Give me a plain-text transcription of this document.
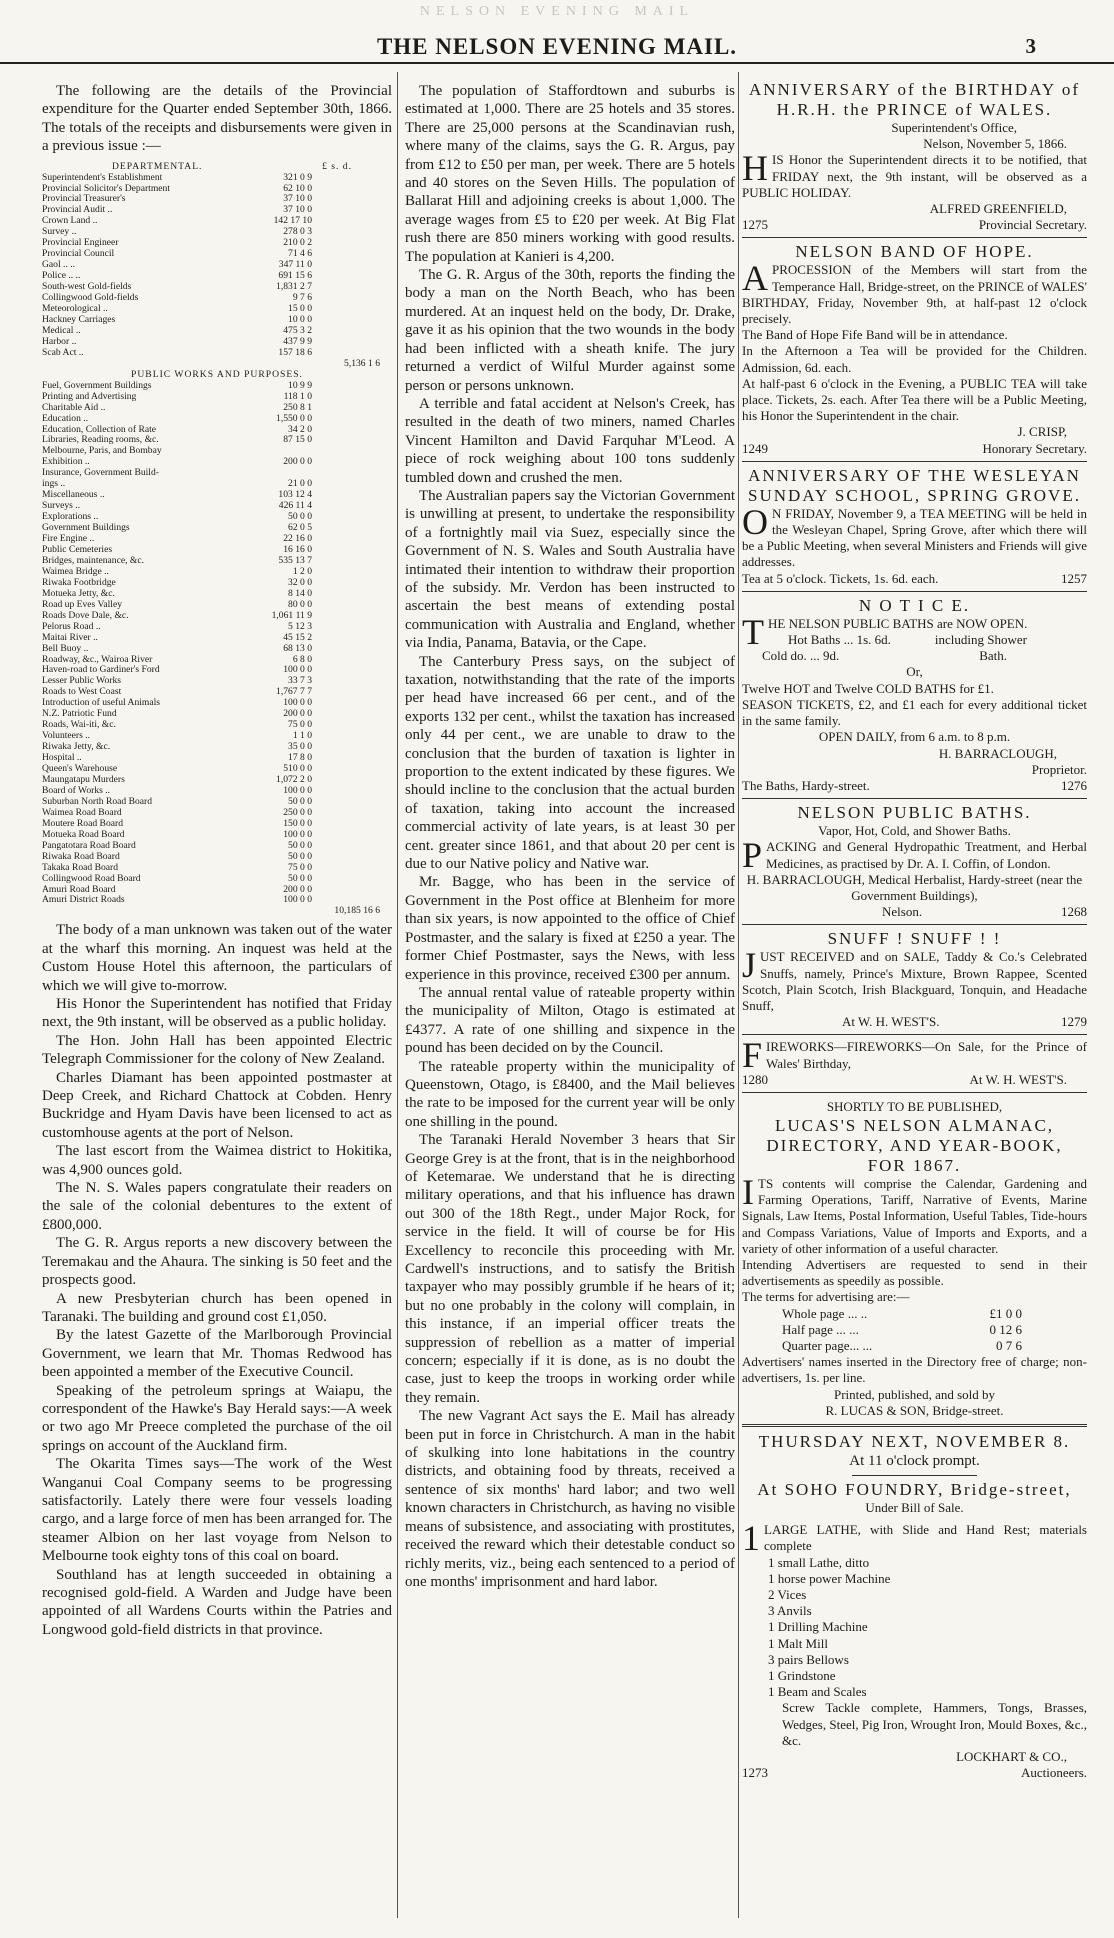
NELSON EVENING MAIL
THE NELSON EVENING MAIL.	3

The following are the details of the Provincial expenditure for the Quarter ended September 30th, 1866. The totals of the receipts and disbursements were given in a previous issue :—

DEPARTMENTAL.	£ s. d.
Superintendent's Establishment	321 0 9
Provincial Solicitor's Department	62 10 0
Provincial Treasurer's	37 10 0
Provincial Audit ..	37 10 0
Crown Land ..	142 17 10
Survey ..	278 0 3
Provincial Engineer	210 0 2
Provincial Council	71 4 6
Gaol .. ..	347 11 0
Police .. ..	691 15 6
South-west Gold-fields	1,831 2 7
Collingwood Gold-fields	9 7 6
Meteorological ..	15 0 0
Hackney Carriages	10 0 0
Medical ..	475 3 2
Harbor ..	437 9 9
Scab Act ..	157 18 6
5,136 1 6
PUBLIC WORKS AND PURPOSES.
Fuel, Government Buildings	10 9 9
Printing and Advertising	118 1 0
Charitable Aid ..	250 8 1
Education ..	1,550 0 0
Education, Collection of Rate	34 2 0
Libraries, Reading rooms, &c.	87 15 0
Melbourne, Paris, and Bombay
Exhibition ..	200 0 0
Insurance, Government Build-
ings ..	21 0 0
Miscellaneous ..	103 12 4
Surveys ..	426 11 4
Explorations ..	50 0 0
Government Buildings	62 0 5
Fire Engine ..	22 16 0
Public Cemeteries	16 16 0
Bridges, maintenance, &c.	535 13 7
Waimea Bridge ..	1 2 0
Riwaka Footbridge	32 0 0
Motueka Jetty, &c.	8 14 0
Road up Eves Valley	80 0 0
Roads Dove Dale, &c.	1,061 11 9
Pelorus Road ..	5 12 3
Maitai River ..	45 15 2
Bell Buoy ..	68 13 0
Roadway, &c., Wairoa River	6 8 0
Haven-road to Gardiner's Ford	100 0 0
Lesser Public Works	33 7 3
Roads to West Coast	1,767 7 7
Introduction of useful Animals	100 0 0
N.Z. Patriotic Fund	200 0 0
Roads, Wai-iti, &c.	75 0 0
Volunteers ..	1 1 0
Riwaka Jetty, &c.	35 0 0
Hospital ..	17 8 0
Queen's Warehouse	510 0 0
Maungatapu Murders	1,072 2 0
Board of Works ..	100 0 0
Suburban North Road Board	50 0 0
Waimea Road Board	250 0 0
Moutere Road Board	150 0 0
Motueka Road Board	100 0 0
Pangatotara Road Board	50 0 0
Riwaka Road Board	50 0 0
Takaka Road Board	75 0 0
Collingwood Road Board	50 0 0
Amuri Road Board	200 0 0
Amuri District Roads	100 0 0
10,185 16 6

The body of a man unknown was taken out of the water at the wharf this morning. An inquest was held at the Custom House Hotel this afternoon, the particulars of which we will give to-morrow.

His Honor the Superintendent has notified that Friday next, the 9th instant, will be observed as a public holiday.

The Hon. John Hall has been appointed Electric Telegraph Commissioner for the colony of New Zealand.

Charles Diamant has been appointed postmaster at Deep Creek, and Richard Chattock at Cobden. Henry Buckridge and Hyam Davis have been licensed to act as customhouse agents at the port of Nelson.

The last escort from the Waimea district to Hokitika, was 4,900 ounces gold.

The N. S. Wales papers congratulate their readers on the sale of the colonial debentures to the extent of £800,000.

The G. R. Argus reports a new discovery between the Teremakau and the Ahaura. The sinking is 50 feet and the prospects good.

A new Presbyterian church has been opened in Taranaki. The building and ground cost £1,050.

By the latest Gazette of the Marlborough Provincial Government, we learn that Mr. Thomas Redwood has been appointed a member of the Executive Council.

Speaking of the petroleum springs at Waiapu, the correspondent of the Hawke's Bay Herald says:—A week or two ago Mr Preece completed the purchase of the oil springs on account of the Auckland firm.

The Okarita Times says—The work of the West Wanganui Coal Company seems to be progressing satisfactorily. Lately there were four vessels loading cargo, and a large force of men has been arranged for. The steamer Albion on her last voyage from Nelson to Melbourne took eighty tons of this coal on board.

Southland has at length succeeded in obtaining a recognised gold-field. A Warden and Judge have been appointed of all Wardens Courts within the Patries and Longwood gold-field districts in that province.

The population of Staffordtown and suburbs is estimated at 1,000. There are 25 hotels and 35 stores. There are 25,000 persons at the Scandinavian rush, where many of the claims, says the G. R. Argus, pay from £12 to £50 per man, per week. There are 5 hotels and 40 stores on the Seven Hills. The population of Ballarat Hill and adjoining creeks is about 1,000. The average wages from £5 to £20 per week. At Big Flat rush there are 850 miners working with good results. The population at Kanieri is 4,200.

The G. R. Argus of the 30th, reports the finding the body a man on the North Beach, who has been murdered. At an inquest held on the body, Dr. Drake, gave it as his opinion that the two wounds in the body had been inflicted with a sheath knife. The jury returned a verdict of Wilful Murder against some person or persons unknown.

A terrible and fatal accident at Nelson's Creek, has resulted in the death of two miners, named Charles Vincent Hamilton and David Farquhar M'Leod. A piece of rock weighing about 100 tons suddenly tumbled down and crushed the men.

The Australian papers say the Victorian Government is unwilling at present, to undertake the responsibility of a fortnightly mail via Suez, especially since the Government of N. S. Wales and South Australia have intimated their intention to withdraw their proportion of the subsidy. Mr. Verdon has been instructed to ascertain the best means of extending postal communication with Australia and England, whether via India, Panama, Batavia, or the Cape.

The Canterbury Press says, on the subject of taxation, notwithstanding that the rate of the imports per head have increased 66 per cent., and of the exports 132 per cent., whilst the taxation has increased only 44 per cent., we are unable to draw to the conclusion that the burden of taxation is lighter in proportion to the extent indicated by these figures. We should incline to the conclusion that the actual burden of taxation, taking into account the increased commercial activity of late years, is at least 30 per cent. greater since 1861, and that about 20 per cent is due to our Native policy and Native war.

Mr. Bagge, who has been in the service of Government in the Post office at Blenheim for more than six years, is now appointed to the office of Chief Postmaster, and the salary is fixed at £250 a year. The former Chief Postmaster, says the News, with less experience in this province, received £300 per annum.

The annual rental value of rateable property within the municipality of Milton, Otago is estimated at £4377. A rate of one shilling and sixpence in the pound has been decided on by the Council.

The rateable property within the municipality of Queenstown, Otago, is £8400, and the Mail believes the rate to be imposed for the current year will be only one shilling in the pound.

The Taranaki Herald November 3 hears that Sir George Grey is at the front, that is in the neighborhood of Ketemarae. We understand that he is directing military operations, and that his influence has drawn out 300 of the 18th Regt., under Major Rock, for service in the field. It will of course be for His Excellency to reconcile this proceeding with Mr. Cardwell's instructions, and to satisfy the British taxpayer who may possibly grumble if he hears of it; but no one probably in the colony will complain, in this instance, if an imperial officer treats the suppression of rebellion as a matter of imperial concern; especially if it is done, as is no doubt the case, just to keep the troops in working order while they remain.

The new Vagrant Act says the E. Mail has already been put in force in Christchurch. A man in the habit of skulking into lone habitations in the country districts, and obtaining food by threats, received a sentence of six months' hard labor; and two well known characters in Christchurch, as having no visible means of subsistence, and associating with prostitutes, received the reward which their detestable conduct so richly merits, viz., being each sentenced to a period of one months' imprisonment and hard labor.

ANNIVERSARY of the BIRTHDAY of

H.R.H. the PRINCE of WALES.

Superintendent's Office,

Nelson, November 5, 1866.

HIS Honor the Superintendent directs it to be notified, that FRIDAY next, the 9th instant, will be observed as a PUBLIC HOLIDAY.

ALFRED GREENFIELD,

1275	Provincial Secretary.

NELSON BAND OF HOPE.

APROCESSION of the Members will start from the Temperance Hall, Bridge-street, on the PRINCE of WALES' BIRTHDAY, Friday, November 9th, at half-past 12 o'clock precisely.

The Band of Hope Fife Band will be in attendance.

In the Afternoon a Tea will be provided for the Children. Admission, 6d. each.

At half-past 6 o'clock in the Evening, a PUBLIC TEA will take place. Tickets, 2s. each. After Tea there will be a Public Meeting, his Honor the Superintendent in the chair.

J. CRISP,

1249	Honorary Secretary.

ANNIVERSARY OF THE WESLEYAN

SUNDAY SCHOOL, SPRING GROVE.

O N FRIDAY, November 9, a TEA MEETING will be held in the Wesleyan Chapel, Spring Grove, after which there will be a Public Meeting, when several Ministers and Friends will give addresses.

Tea at 5 o'clock. Tickets, 1s. 6d. each.	1257

N O T I C E.

THE NELSON PUBLIC BATHS are NOW OPEN.

Hot Baths ... 1s. 6d.	including Shower
Cold do. ... 9d.	Bath.

Or,

Twelve HOT and Twelve COLD BATHS for £1.

SEASON TICKETS, £2, and £1 each for every additional ticket in the same family.

OPEN DAILY, from 6 a.m. to 8 p.m.

H. BARRACLOUGH,

Proprietor.

The Baths, Hardy-street.	1276

NELSON PUBLIC BATHS.

Vapor, Hot, Cold, and Shower Baths.

PACKING and General Hydropathic Treatment, and Herbal Medicines, as practised by Dr. A. I. Coffin, of London.

H. BARRACLOUGH, Medical Herbalist, Hardy-street (near the Government Buildings),

Nelson.	1268

SNUFF ! SNUFF ! !

JUST RECEIVED and on SALE, Taddy & Co.'s Celebrated Snuffs, namely, Prince's Mixture, Brown Rappee, Scented Scotch, Plain Scotch, Irish Blackguard, Tonquin, and Headache Snuff,

At W. H. WEST'S.	1279

FIREWORKS—FIREWORKS—On Sale, for the Prince of Wales' Birthday,

1280	At W. H. WEST'S.

SHORTLY TO BE PUBLISHED,

LUCAS'S NELSON ALMANAC,

DIRECTORY, AND YEAR-BOOK,

FOR 1867.

ITS contents will comprise the Calendar, Gardening and Farming Operations, Tariff, Narrative of Events, Marine Signals, Law Items, Postal Information, Useful Tables, Tide-hours and Compass Variations, Value of Imports and Exports, and a variety of other information of a useful character.

Intending Advertisers are requested to send in their advertisements as speedily as possible.

The terms for advertising are:—

Whole page ... ..	£1 0 0
Half page ... ...	0 12 6
Quarter page... ...	0 7 6

Advertisers' names inserted in the Directory free of charge; non-advertisers, 1s. per line.

Printed, published, and sold by

R. LUCAS & SON, Bridge-street.

THURSDAY NEXT, NOVEMBER 8.

At 11 o'clock prompt.

At SOHO FOUNDRY, Bridge-street,

Under Bill of Sale.

1 LARGE LATHE, with Slide and Hand Rest; materials complete

1 small Lathe, ditto
1 horse power Machine
2 Vices
3 Anvils
1 Drilling Machine
1 Malt Mill
3 pairs Bellows
1 Grindstone
1 Beam and Scales

Screw Tackle complete, Hammers, Tongs, Brasses, Wedges, Steel, Pig Iron, Wrought Iron, Mould Boxes, &c., &c.

LOCKHART & CO.,

1273	Auctioneers.
